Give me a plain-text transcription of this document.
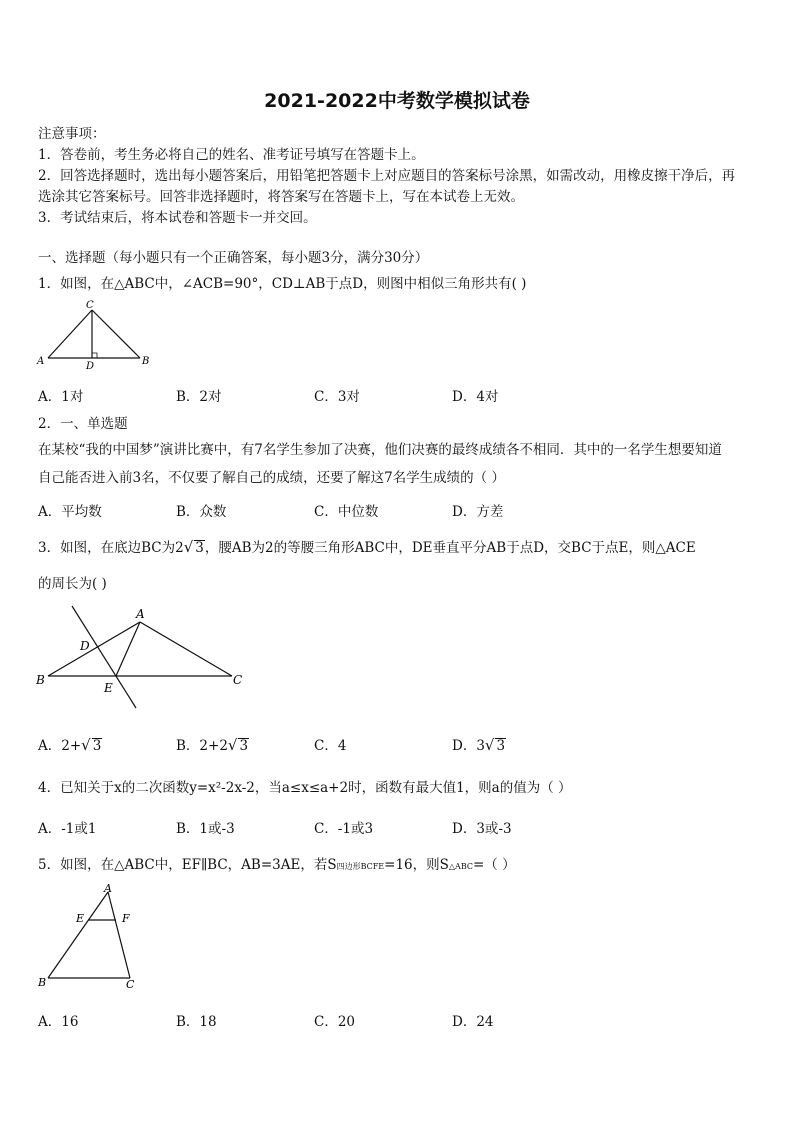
2021-2022中考数学模拟试卷
注意事项：
1．答卷前，考生务必将自己的姓名、准考证号填写在答题卡上。
2．回答选择题时，选出每小题答案后，用铅笔把答题卡上对应题目的答案标号涂黑，如需改动，用橡皮擦干净后，再
选涂其它答案标号。回答非选择题时，将答案写在答题卡上，写在本试卷上无效。
3．考试结束后，将本试卷和答题卡一并交回。
一、选择题（每小题只有一个正确答案，每小题3分，满分30分）
1．如图，在△ABC中，∠ACB=90°，CD⊥AB于点D，则图中相似三角形共有( )
A	B
C
D
A．1对	B．2对	C．3对	D．4对
2．一、单选题
在某校“我的中国梦”演讲比赛中，有7名学生参加了决赛，他们决赛的最终成绩各不相同．其中的一名学生想要知道
自己能否进入前3名，不仅要了解自己的成绩，还要了解这7名学生成绩的（ ）
A．平均数	B．众数	C．中位数	D．方差
3．如图，在底边BC为2√ 3，腰AB为2的等腰三角形ABC中，DE垂直平分AB于点D，交BC于点E，则△ACE
的周长为( )
A
B	C
D
E
A．2+√ 3	B．2+2√ 3	C．4	D．3√ 3
4．已知关于x的二次函数y=x²-2x-2，当a≤x≤a+2时，函数有最大值1，则a的值为（ ）
A．-1或1	B．1或-3	C．-1或3	D．3或-3
5．如图，在△ABC中，EF∥BC，AB=3AE，若S四边形BCFE=16，则S△ABC=（ ）
A
B	C
E	F
A．16	B．18	C．20	D．24
